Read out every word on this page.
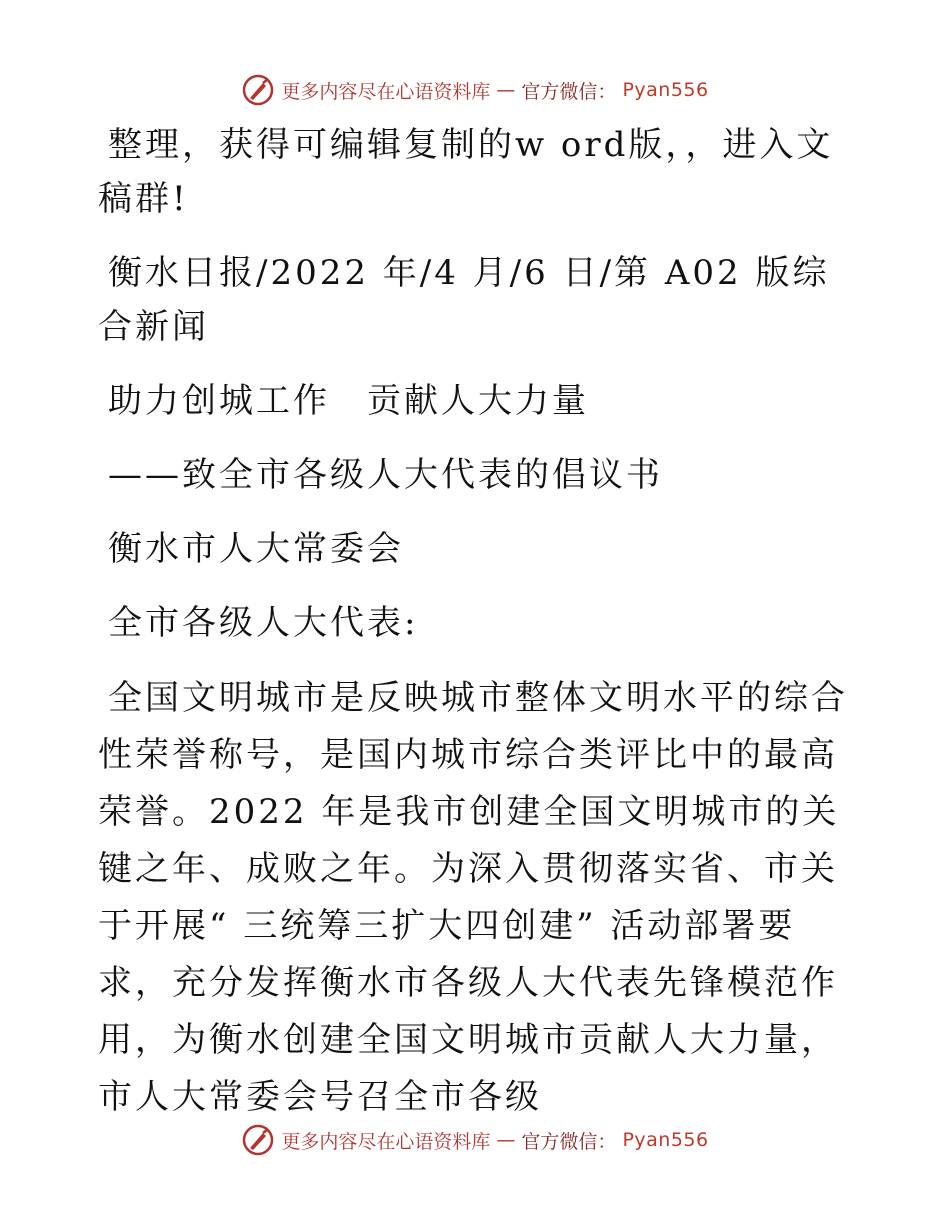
更多内容尽在心语资料库 — 官方微信： Pyan556

整理，获得可编辑复制的w ord版，，进入文稿群!

衡水日报/2022 年/4 月/6 日/第 A02 版综合新闻

助力创城工作　贡献人大力量

——致全市各级人大代表的倡议书

衡水市人大常委会

全市各级人大代表:

全国文明城市是反映城市整体文明水平的综合性荣誉称号，是国内城市综合类评比中的最高荣誉。2022 年是我市创建全国文明城市的关键之年、成败之年。为深入贯彻落实省、市关于开展“ 三统筹三扩大四创建” 活动部署要求，充分发挥衡水市各级人大代表先锋模范作用，为衡水创建全国文明城市贡献人大力量，市人大常委会号召全市各级

更多内容尽在心语资料库 — 官方微信： Pyan556
